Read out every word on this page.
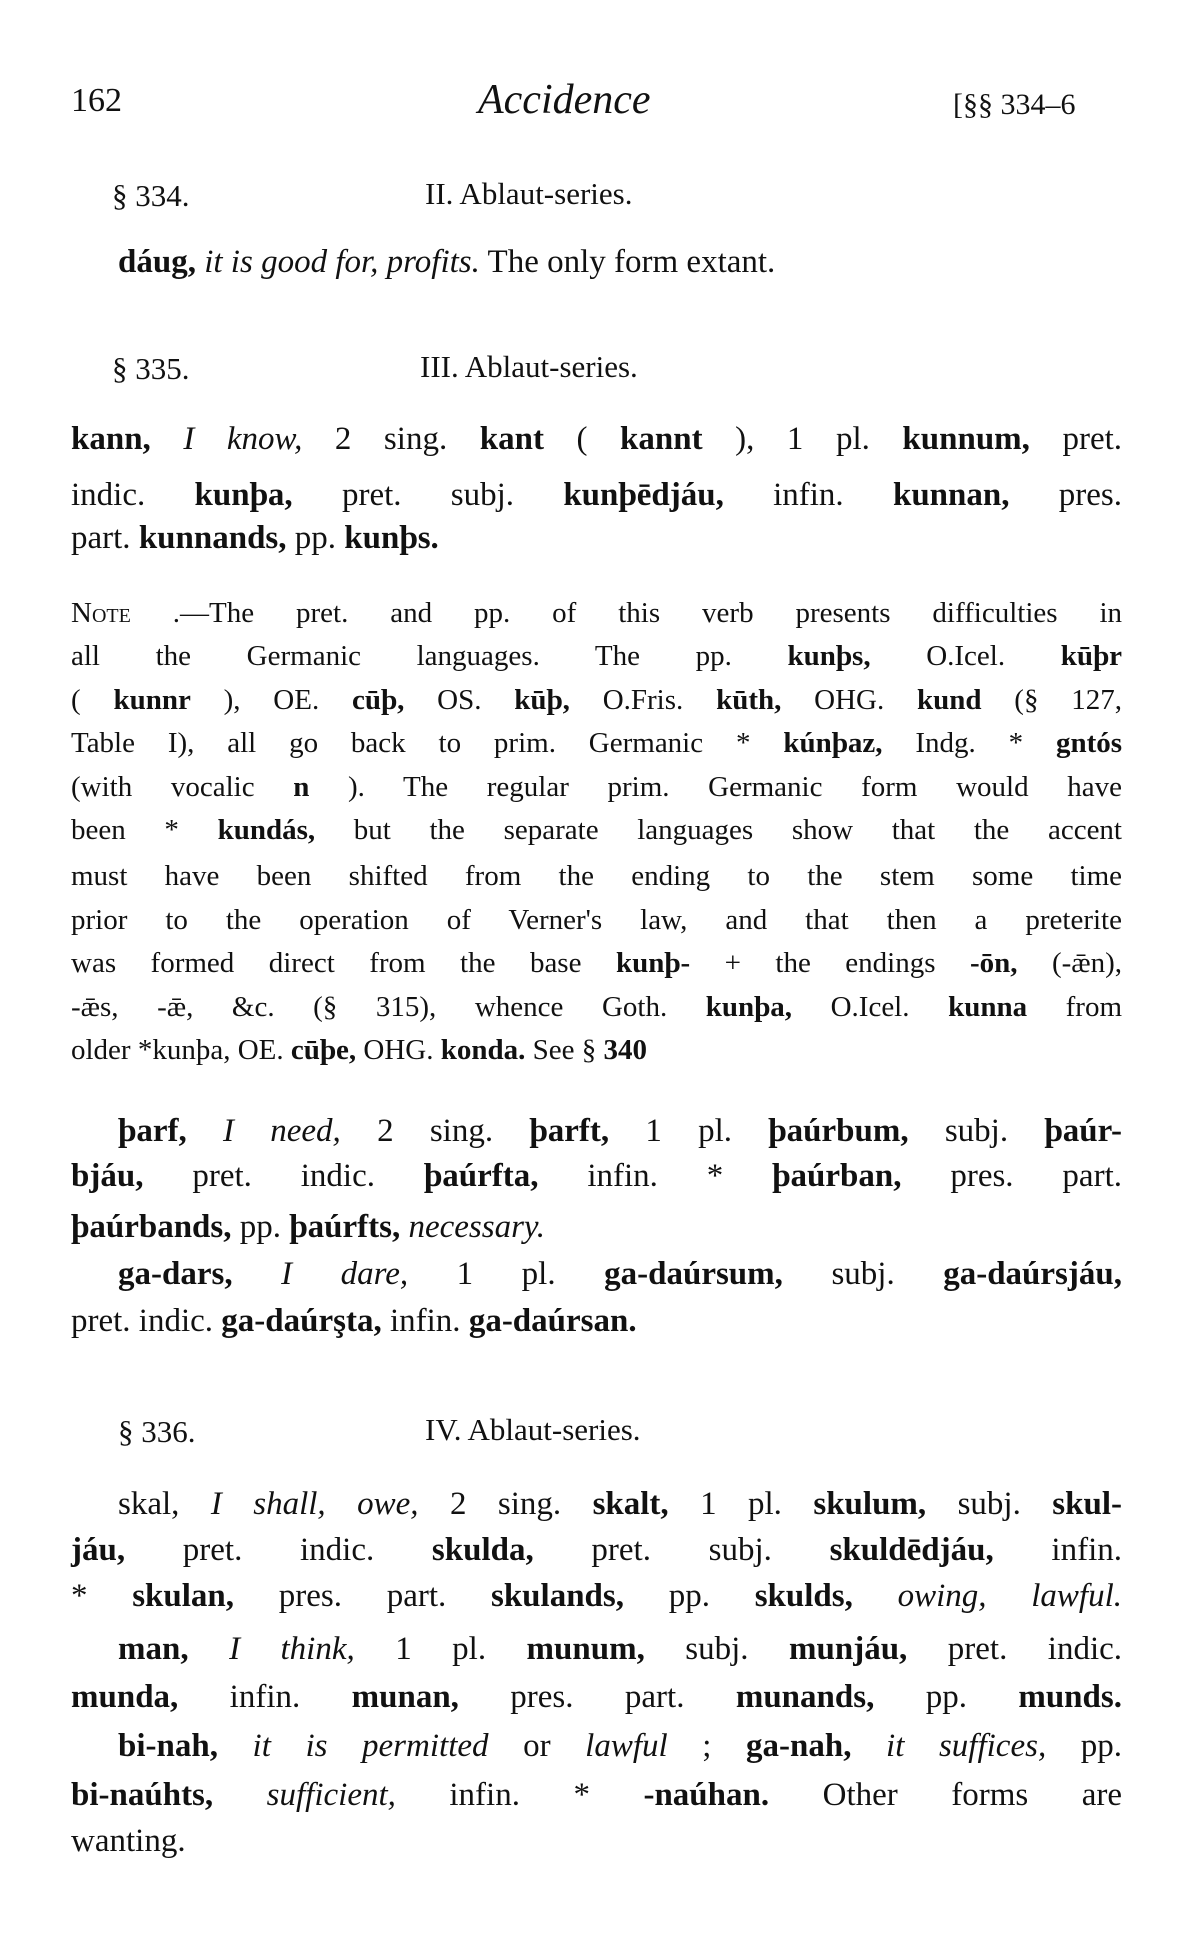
162	Accidence	[§§ 334–6
§ 334.	II. Ablaut-series.
§ 335.	III. Ablaut-series.
§ 336.	IV. Ablaut-series.
dáug, it is good for, profits. The only form extant.
kann, I know, 2 sing. kant ( kannt ), 1 pl. kunnum, pret.
indic. kunþa, pret. subj. kunþēdjáu, infin. kunnan, pres.
part. kunnands, pp. kunþs.
Note .—The pret. and pp. of this verb presents difficulties in
all the Germanic languages. The pp. kunþs, O.Icel. kūþr
( kunnr ), OE. cūþ, OS. kūþ, O.Fris. kūth, OHG. kund (§ 127,
Table I), all go back to prim. Germanic * kúnþaz, Indg. * gntós
(with vocalic n ). The regular prim. Germanic form would have
been * kundás, but the separate languages show that the accent
must have been shifted from the ending to the stem some time
prior to the operation of Verner's law, and that then a preterite
was formed direct from the base kunþ- + the endings -ōn, (-ǣn),
-ǣs, -ǣ, &c. (§ 315), whence Goth. kunþa, O.Icel. kunna from
older *kunþa, OE. cūþe, OHG. konda. See § 340
þarf, I need, 2 sing. þarft, 1 pl. þaúrbum, subj. þaúr-
bjáu, pret. indic. þaúrfta, infin. * þaúrban, pres. part.
þaúrbands, pp. þaúrfts, necessary.
ga-dars, I dare, 1 pl. ga-daúrsum, subj. ga-daúrsjáu,
pret. indic. ga-daúrşta, infin. ga-daúrsan.
skal, I shall, owe, 2 sing. skalt, 1 pl. skulum, subj. skul-
jáu, pret. indic. skulda, pret. subj. skuldēdjáu, infin.
* skulan, pres. part. skulands, pp. skulds, owing, lawful.
man, I think, 1 pl. munum, subj. munjáu, pret. indic.
munda, infin. munan, pres. part. munands, pp. munds.
bi-nah, it is permitted or lawful ; ga-nah, it suffices, pp.
bi-naúhts, sufficient, infin. * -naúhan. Other forms are
wanting.
